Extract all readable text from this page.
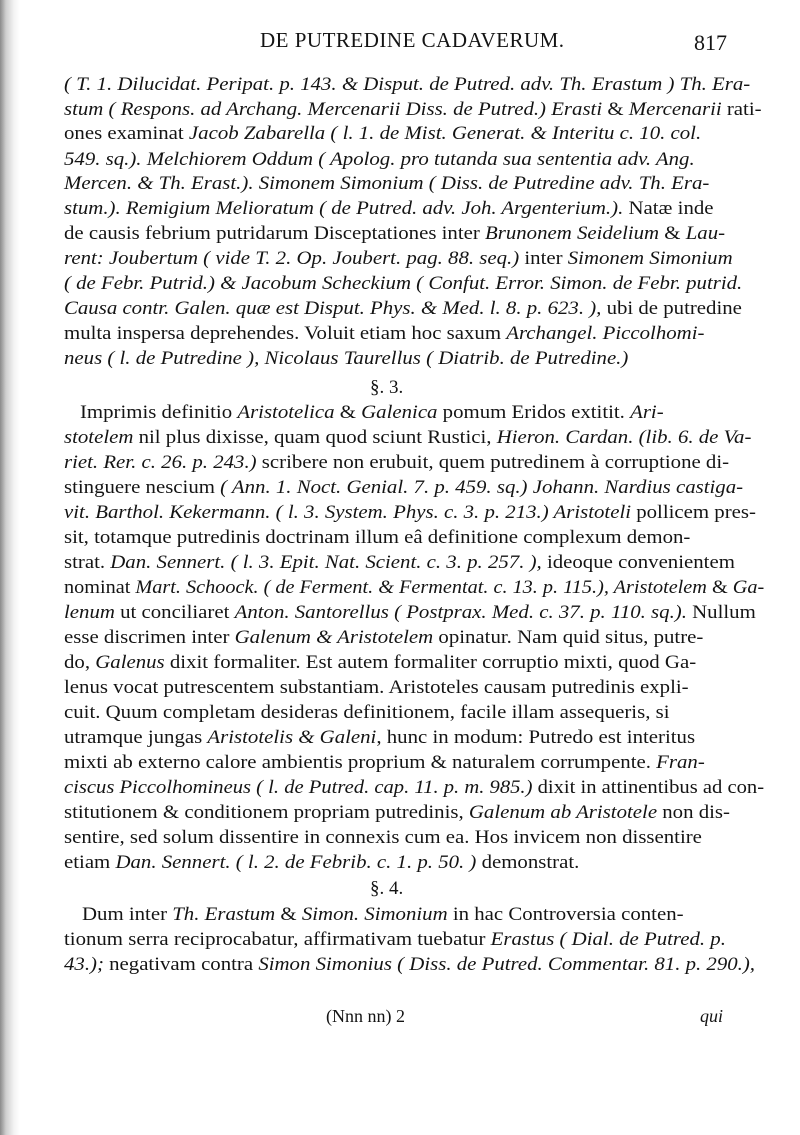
DE PUTREDINE CADAVERUM.	817
( T. 1. Dilucidat. Peripat. p. 143. & Disput. de Putred. adv. Th. Erastum ) Th. Era-
stum ( Respons. ad Archang. Mercenarii Diss. de Putred.) Erasti & Mercenarii rati-
ones examinat Jacob Zabarella ( l. 1. de Mist. Generat. & Interitu c. 10. col.
549. sq.). Melchiorem Oddum ( Apolog. pro tutanda sua sententia adv. Ang.
Mercen. & Th. Erast.). Simonem Simonium ( Diss. de Putredine adv. Th. Era-
stum.). Remigium Melioratum ( de Putred. adv. Joh. Argenterium.). Natæ inde
de causis febrium putridarum Disceptationes inter Brunonem Seidelium & Lau-
rent: Joubertum ( vide T. 2. Op. Joubert. pag. 88. seq.) inter Simonem Simonium
( de Febr. Putrid.) & Jacobum Scheckium ( Confut. Error. Simon. de Febr. putrid.
Causa contr. Galen. quæ est Disput. Phys. & Med. l. 8. p. 623. ), ubi de putredine
multa inspersa deprehendes. Voluit etiam hoc saxum Archangel. Piccolhomi-
neus ( l. de Putredine ), Nicolaus Taurellus ( Diatrib. de Putredine.)
Imprimis definitio Aristotelica & Galenica pomum Eridos extitit. Ari-
stotelem nil plus dixisse, quam quod sciunt Rustici, Hieron. Cardan. (lib. 6. de Va-
riet. Rer. c. 26. p. 243.) scribere non erubuit, quem putredinem à corruptione di-
stinguere nescium ( Ann. 1. Noct. Genial. 7. p. 459. sq.) Johann. Nardius castiga-
vit. Barthol. Kekermann. ( l. 3. System. Phys. c. 3. p. 213.) Aristoteli pollicem pres-
sit, totamque putredinis doctrinam illum eâ definitione complexum demon-
strat. Dan. Sennert. ( l. 3. Epit. Nat. Scient. c. 3. p. 257. ), ideoque convenientem
nominat Mart. Schoock. ( de Ferment. & Fermentat. c. 13. p. 115.), Aristotelem & Ga-
lenum ut conciliaret Anton. Santorellus ( Postprax. Med. c. 37. p. 110. sq.). Nullum
esse discrimen inter Galenum & Aristotelem opinatur. Nam quid situs, putre-
do, Galenus dixit formaliter. Est autem formaliter corruptio mixti, quod Ga-
lenus vocat putrescentem substantiam. Aristoteles causam putredinis expli-
cuit. Quum completam desideras definitionem, facile illam assequeris, si
utramque jungas Aristotelis & Galeni, hunc in modum: Putredo est interitus
mixti ab externo calore ambientis proprium & naturalem corrumpente. Fran-
ciscus Piccolhomineus ( l. de Putred. cap. 11. p. m. 985.) dixit in attinentibus ad con-
stitutionem & conditionem propriam putredinis, Galenum ab Aristotele non dis-
sentire, sed solum dissentire in connexis cum ea. Hos invicem non dissentire
etiam Dan. Sennert. ( l. 2. de Febrib. c. 1. p. 50. ) demonstrat.
Dum inter Th. Erastum & Simon. Simonium in hac Controversia conten-
tionum serra reciprocabatur, affirmativam tuebatur Erastus ( Dial. de Putred. p.
43.); negativam contra Simon Simonius ( Diss. de Putred. Commentar. 81. p. 290.),
§. 3.
§. 4.
(Nnn nn) 2	qui
